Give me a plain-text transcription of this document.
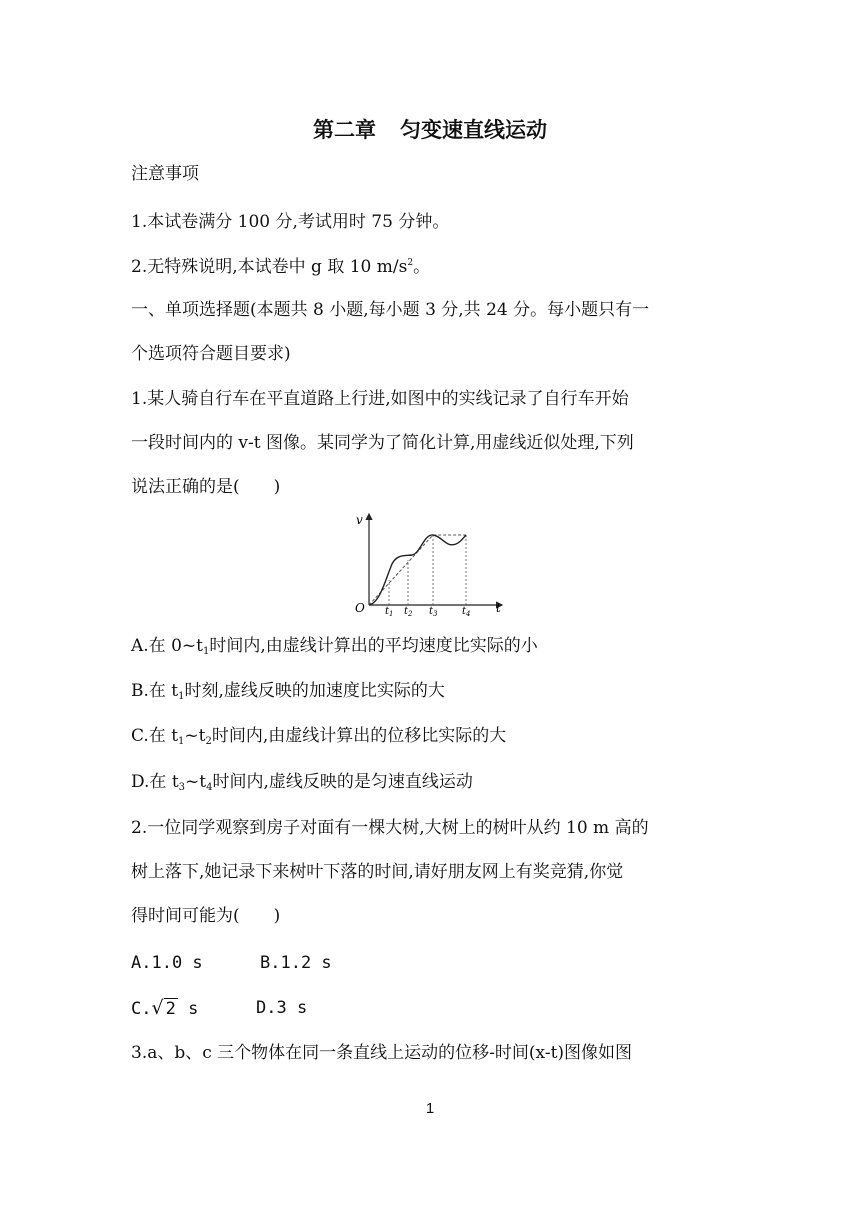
第二章 匀变速直线运动
注意事项
1.本试卷满分 100 分,考试用时 75 分钟。
2.无特殊说明,本试卷中 g 取 10 $m/s^2$。
一、单项选择题(本题共 8 小题,每小题 3 分,共 24 分。每小题只有一
个选项符合题目要求)
1.某人骑自行车在平直道路上行进,如图中的实线记录了自行车开始
一段时间内的 v-t 图像。某同学为了简化计算,用虚线近似处理,下列
说法正确的是(　　)
v
t
O $t_1$ $t_2$ $t_3$ $t_4$
A.在 $0\sim t_1$时间内,由虚线计算出的平均速度比实际的小
B.在 $t_1$时刻,虚线反映的加速度比实际的大
C.在 $t_1\sim t_2$时间内,由虚线计算出的位移比实际的大
D.在 $t_3\sim t_4$时间内,虚线反映的是匀速直线运动
2.一位同学观察到房子对面有一棵大树,大树上的树叶从约 10 m 高的
树上落下,她记录下来树叶下落的时间,请好朋友网上有奖竞猜,你觉
得时间可能为(　　)
A.1.0 s	B.1.2 s
C.√ 2 s	D.3 s
3.a、b、c 三个物体在同一条直线上运动的位移-时间(x-t)图像如图
1
